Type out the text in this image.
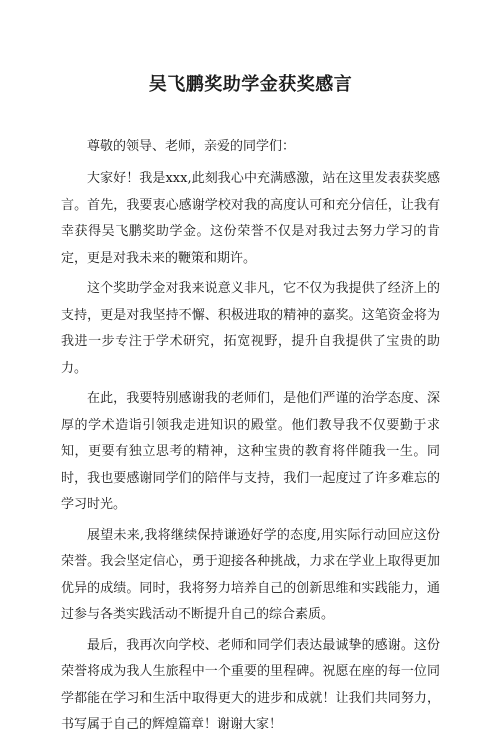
吴飞鹏奖助学金获奖感言

尊敬的领导、老师，亲爱的同学们：

大家好！我是xxx,此刻我心中充满感激，站在这里发表获奖感言。首先，我要衷心感谢学校对我的高度认可和充分信任，让我有幸获得吴飞鹏奖助学金。这份荣誉不仅是对我过去努力学习的肯定，更是对我未来的鞭策和期许。

这个奖助学金对我来说意义非凡，它不仅为我提供了经济上的支持，更是对我坚持不懈、积极进取的精神的嘉奖。这笔资金将为我进一步专注于学术研究，拓宽视野，提升自我提供了宝贵的助力。

在此，我要特别感谢我的老师们，是他们严谨的治学态度、深厚的学术造诣引领我走进知识的殿堂。他们教导我不仅要勤于求知，更要有独立思考的精神，这种宝贵的教育将伴随我一生。同时，我也要感谢同学们的陪伴与支持，我们一起度过了许多难忘的学习时光。

展望未来,我将继续保持谦逊好学的态度,用实际行动回应这份荣誉。我会坚定信心，勇于迎接各种挑战，力求在学业上取得更加优异的成绩。同时，我将努力培养自己的创新思维和实践能力，通过参与各类实践活动不断提升自己的综合素质。

最后，我再次向学校、老师和同学们表达最诚挚的感谢。这份荣誉将成为我人生旅程中一个重要的里程碑。祝愿在座的每一位同学都能在学习和生活中取得更大的进步和成就！让我们共同努力，书写属于自己的辉煌篇章！谢谢大家！
